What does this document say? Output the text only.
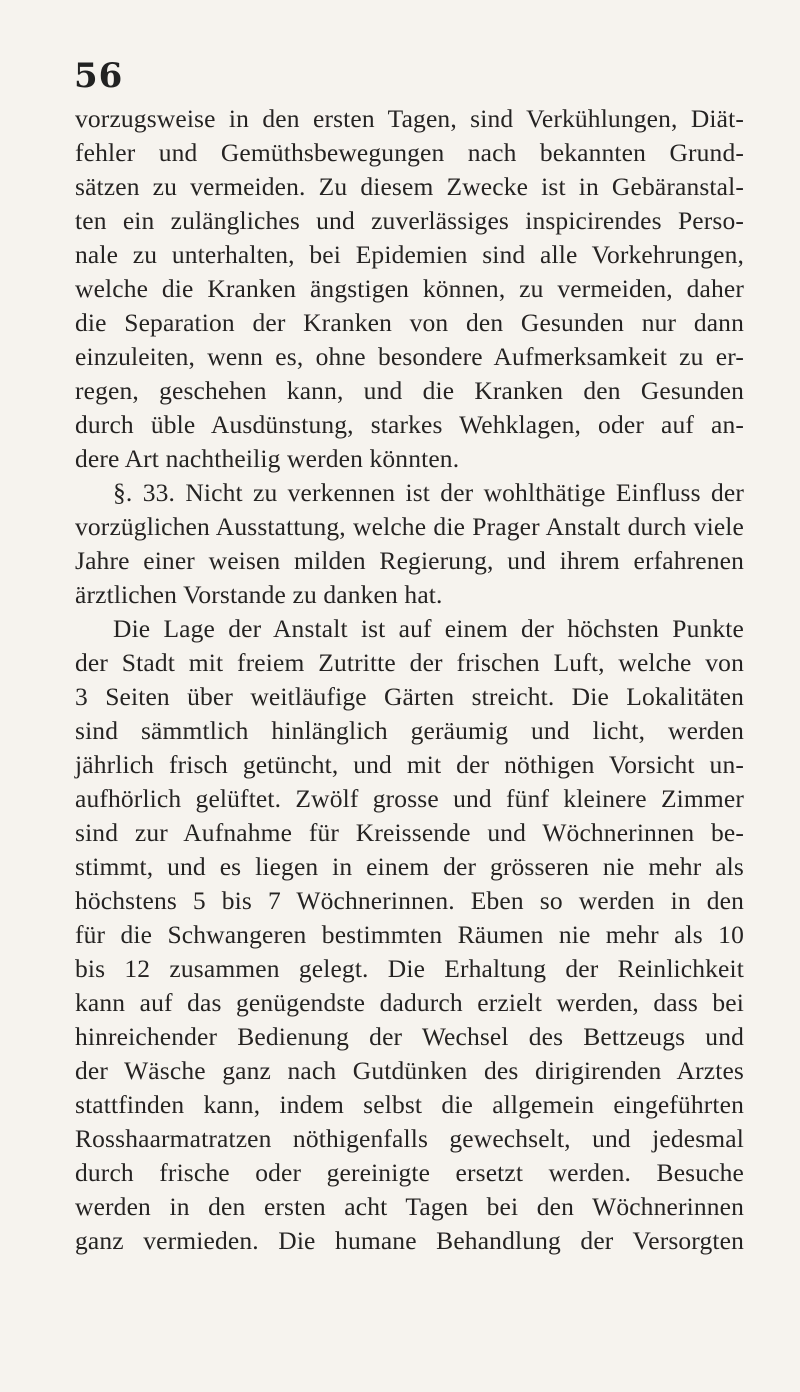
56
vorzugsweise in den ersten Tagen, sind Verkühlungen, Diät-
fehler und Gemüthsbewegungen nach bekannten Grund-
sätzen zu vermeiden. Zu diesem Zwecke ist in Gebäranstal-
ten ein zulängliches und zuverlässiges inspicirendes Perso-
nale zu unterhalten, bei Epidemien sind alle Vorkehrungen,
welche die Kranken ängstigen können, zu vermeiden, daher
die Separation der Kranken von den Gesunden nur dann
einzuleiten, wenn es, ohne besondere Aufmerksamkeit zu er-
regen, geschehen kann, und die Kranken den Gesunden
durch üble Ausdünstung, starkes Wehklagen, oder auf an-
dere Art nachtheilig werden könnten.
§. 33. Nicht zu verkennen ist der wohlthätige Einfluss der
vorzüglichen Ausstattung, welche die Prager Anstalt durch viele
Jahre einer weisen milden Regierung, und ihrem erfahrenen
ärztlichen Vorstande zu danken hat.
Die Lage der Anstalt ist auf einem der höchsten Punkte
der Stadt mit freiem Zutritte der frischen Luft, welche von
3 Seiten über weitläufige Gärten streicht. Die Lokalitäten
sind sämmtlich hinlänglich geräumig und licht, werden
jährlich frisch getüncht, und mit der nöthigen Vorsicht un-
aufhörlich gelüftet. Zwölf grosse und fünf kleinere Zimmer
sind zur Aufnahme für Kreissende und Wöchnerinnen be-
stimmt, und es liegen in einem der grösseren nie mehr als
höchstens 5 bis 7 Wöchnerinnen. Eben so werden in den
für die Schwangeren bestimmten Räumen nie mehr als 10
bis 12 zusammen gelegt. Die Erhaltung der Reinlichkeit
kann auf das genügendste dadurch erzielt werden, dass bei
hinreichender Bedienung der Wechsel des Bettzeugs und
der Wäsche ganz nach Gutdünken des dirigirenden Arztes
stattfinden kann, indem selbst die allgemein eingeführten
Rosshaarmatratzen nöthigenfalls gewechselt, und jedesmal
durch frische oder gereinigte ersetzt werden. Besuche
werden in den ersten acht Tagen bei den Wöchnerinnen
ganz vermieden. Die humane Behandlung der Versorgten
